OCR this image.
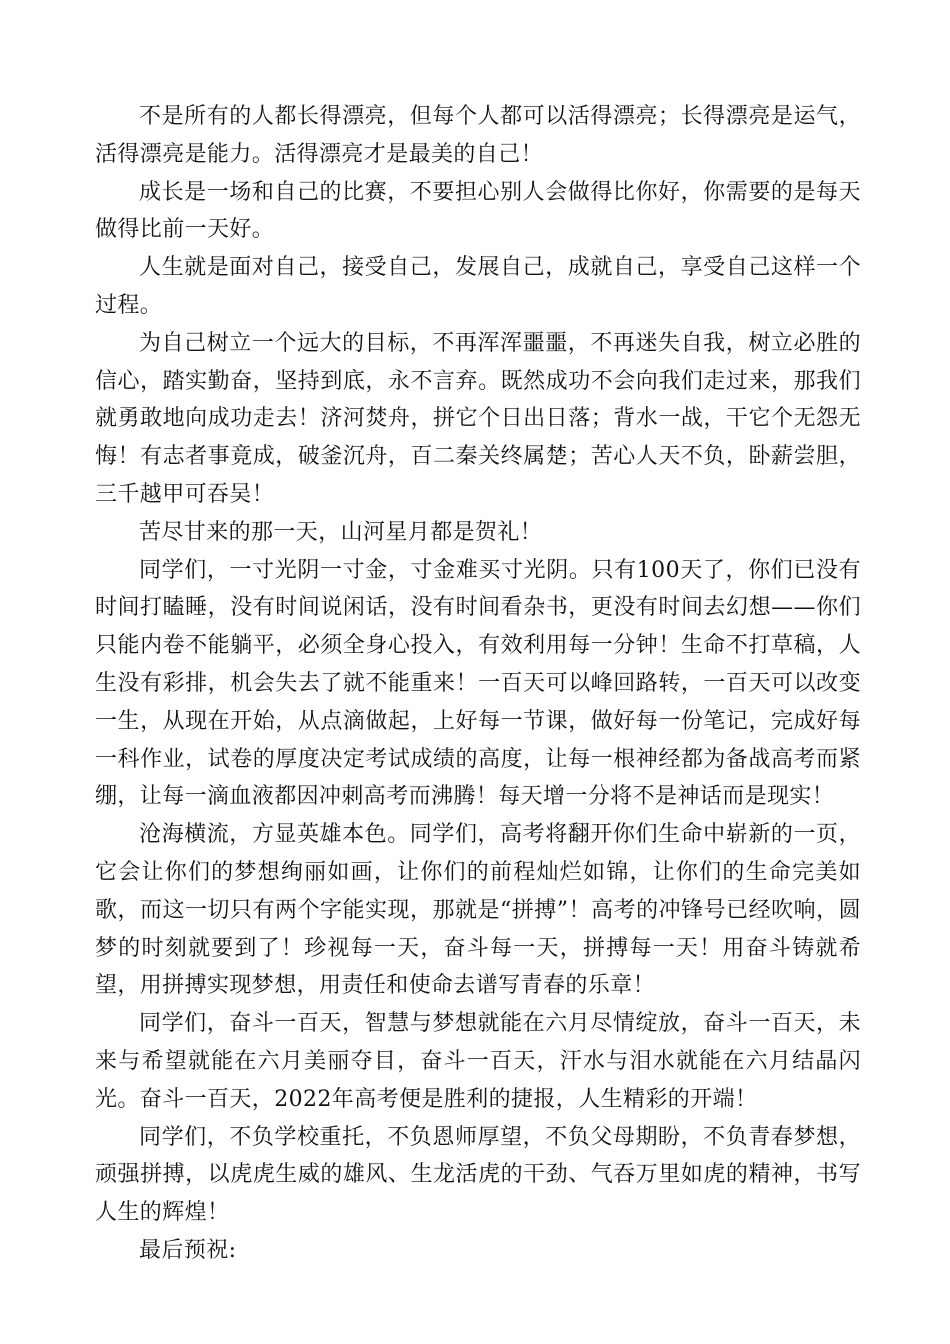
不是所有的人都长得漂亮，但每个人都可以活得漂亮；长得漂亮是运气，活得漂亮是能力。活得漂亮才是最美的自己！

成长是一场和自己的比赛，不要担心别人会做得比你好，你需要的是每天做得比前一天好。

人生就是面对自己，接受自己，发展自己，成就自己，享受自己这样一个过程。

为自己树立一个远大的目标，不再浑浑噩噩，不再迷失自我，树立必胜的信心，踏实勤奋，坚持到底，永不言弃。既然成功不会向我们走过来，那我们就勇敢地向成功走去！济河焚舟，拼它个日出日落；背水一战，干它个无怨无悔！有志者事竟成，破釜沉舟，百二秦关终属楚；苦心人天不负，卧薪尝胆，三千越甲可吞吴！

苦尽甘来的那一天，山河星月都是贺礼！

同学们，一寸光阴一寸金，寸金难买寸光阴。只有100天了，你们已没有时间打瞌睡，没有时间说闲话，没有时间看杂书，更没有时间去幻想——你们只能内卷不能躺平，必须全身心投入，有效利用每一分钟！生命不打草稿，人生没有彩排，机会失去了就不能重来！一百天可以峰回路转，一百天可以改变一生，从现在开始，从点滴做起，上好每一节课，做好每一份笔记，完成好每一科作业，试卷的厚度决定考试成绩的高度，让每一根神经都为备战高考而紧绷，让每一滴血液都因冲刺高考而沸腾！每天增一分将不是神话而是现实！

沧海横流，方显英雄本色。同学们，高考将翻开你们生命中崭新的一页，它会让你们的梦想绚丽如画，让你们的前程灿烂如锦，让你们的生命完美如歌，而这一切只有两个字能实现，那就是“拼搏”！高考的冲锋号已经吹响，圆梦的时刻就要到了！珍视每一天，奋斗每一天，拼搏每一天！用奋斗铸就希望，用拼搏实现梦想，用责任和使命去谱写青春的乐章！

同学们，奋斗一百天，智慧与梦想就能在六月尽情绽放，奋斗一百天，未来与希望就能在六月美丽夺目，奋斗一百天，汗水与泪水就能在六月结晶闪光。奋斗一百天，2022年高考便是胜利的捷报，人生精彩的开端！

同学们，不负学校重托，不负恩师厚望，不负父母期盼，不负青春梦想，顽强拼搏，以虎虎生威的雄风、生龙活虎的干劲、气吞万里如虎的精神，书写人生的辉煌！

最后预祝:
